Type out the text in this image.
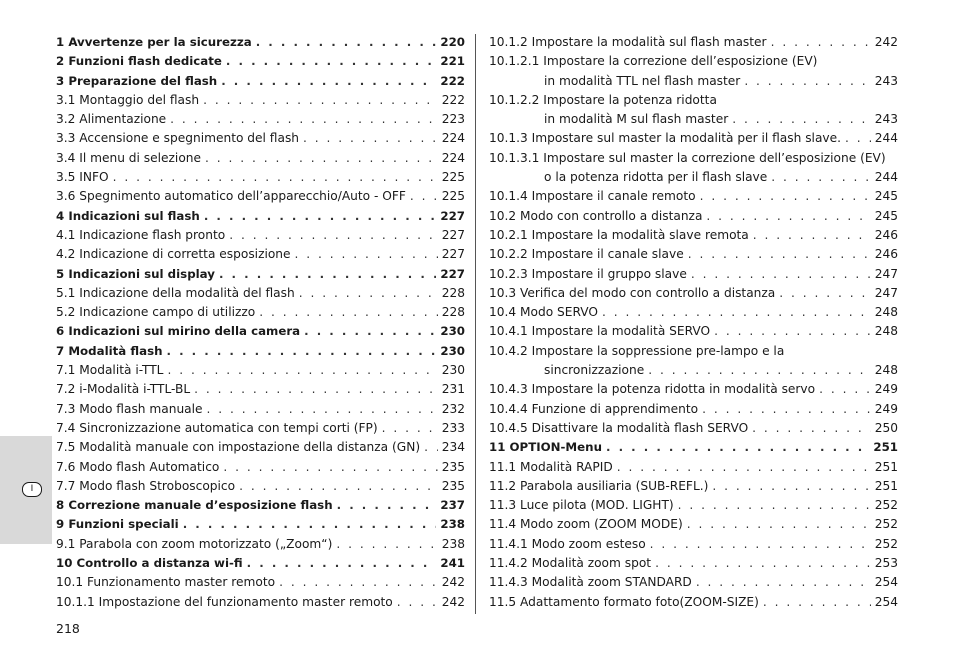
I
1 Avvertenze per la sicurezza . . .	220
2 Funzioni flash dedicate . . .	221
3 Preparazione del flash . . .	222
3.1 Montaggio del flash . . .	222
3.2 Alimentazione . . .	223
3.3 Accensione e spegnimento del flash . . .	224
3.4 Il menu di selezione . . .	224
3.5 INFO . . .	225
3.6 Spegnimento automatico dell’apparecchio/Auto - OFF . . .	225
4 Indicazioni sul flash . . .	227
4.1 Indicazione flash pronto . . .	227
4.2 Indicazione di corretta esposizione . . .	227
5 Indicazioni sul display . . .	227
5.1 Indicazione della modalità del flash . . .	228
5.2 Indicazione campo di utilizzo . . .	228
6 Indicazioni sul mirino della camera . . .	230
7 Modalità flash . . .	230
7.1 Modalità i-TTL . . .	230
7.2 i-Modalità i-TTL-BL . . .	231
7.3 Modo flash manuale . . .	232
7.4 Sincronizzazione automatica con tempi corti (FP) . . .	233
7.5 Modalità manuale con impostazione della distanza (GN) . . . 234
7.6 Modo flash Automatico . . .	235
7.7 Modo flash Stroboscopico . . .	235
8 Correzione manuale d’esposizione flash . . .	237
9 Funzioni speciali . . .	238
9.1 Parabola con zoom motorizzato („Zoom“) . . .	238
10 Controllo a distanza wi-fi . . .	241
10.1 Funzionamento master remoto . . .	242
10.1.1 Impostazione del funzionamento master remoto . . .	242
10.1.2 Impostare la modalità sul flash master . . .	242
10.1.2.1 Impostare la correzione dell’esposizione (EV)
in modalità TTL nel flash master . . .	243
10.1.2.2 Impostare la potenza ridotta
in modalità M sul flash master . . .	243
10.1.3 Impostare sul master la modalità per il flash slave. . . .	244
10.1.3.1 Impostare sul master la correzione dell’esposizione (EV)
o la potenza ridotta per il flash slave . . .	244
10.1.4 Impostare il canale remoto . . .	245
10.2 Modo con controllo a distanza . . .	245
10.2.1 Impostare la modalità slave remota . . .	246
10.2.2 Impostare il canale slave . . .	246
10.2.3 Impostare il gruppo slave . . .	247
10.3 Verifica del modo con controllo a distanza . . .	247
10.4 Modo SERVO . . .	248
10.4.1 Impostare la modalità SERVO . . .	248
10.4.2 Impostare la soppressione pre-lampo e la
sincronizzazione . . .	248
10.4.3 Impostare la potenza ridotta in modalità servo . . .	249
10.4.4 Funzione di apprendimento . . .	249
10.4.5 Disattivare la modalità flash SERVO . . .	250
11 OPTION-Menu . . .	251
11.1 Modalità RAPID . . .	251
11.2 Parabola ausiliaria (SUB-REFL.) . . .	251
11.3 Luce pilota (MOD. LIGHT) . . .	252
11.4 Modo zoom (ZOOM MODE) . . .	252
11.4.1 Modo zoom esteso . . .	252
11.4.2 Modalità zoom spot . . .	253
11.4.3 Modalità zoom STANDARD . . .	254
11.5 Adattamento formato foto(ZOOM-SIZE) . . .	254
218
